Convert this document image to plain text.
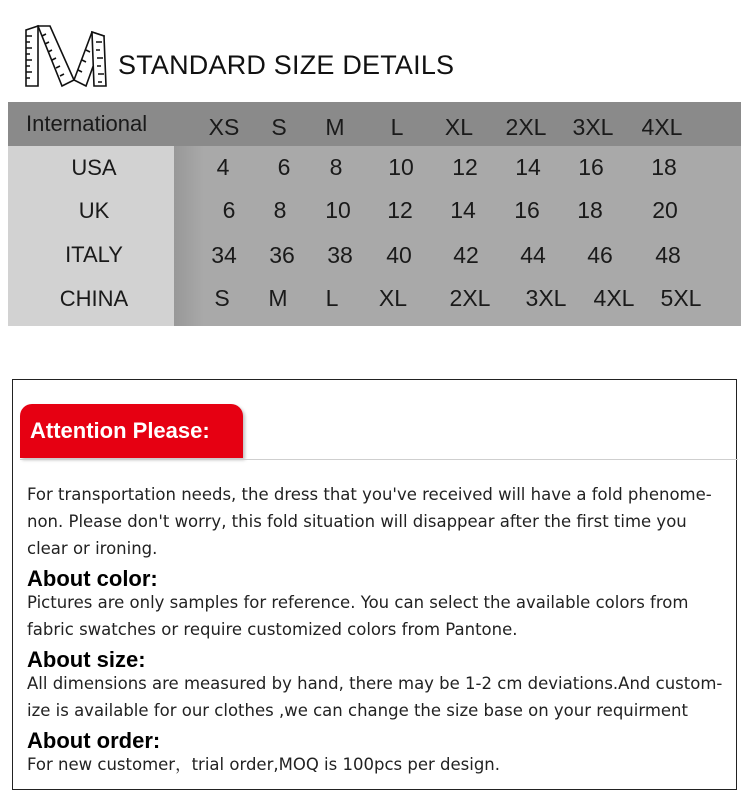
STANDARD SIZE DETAILS
International	XS S M L XL 2XL 3XL 4XL
USA	4 6 8 10 12 14 16 18
UK	6 8 10 12 14 16 18 20
ITALY	34 36 38 40 42 44 46 48
CHINA	S M L XL 2XL 3XL 4XL 5XL
Attention Please:
For transportation needs, the dress that you've received will have a fold phenome-
non. Please don't worry, this fold situation will disappear after the first time you
clear or ironing.
About color:
Pictures are only samples for reference. You can select the available colors from
fabric swatches or require customized colors from Pantone.
About size:
All dimensions are measured by hand, there may be 1-2 cm deviations.And custom-
ize is available for our clothes ,we can change the size base on your requirment
About order:
For new customer，trial order,MOQ is 100pcs per design.
